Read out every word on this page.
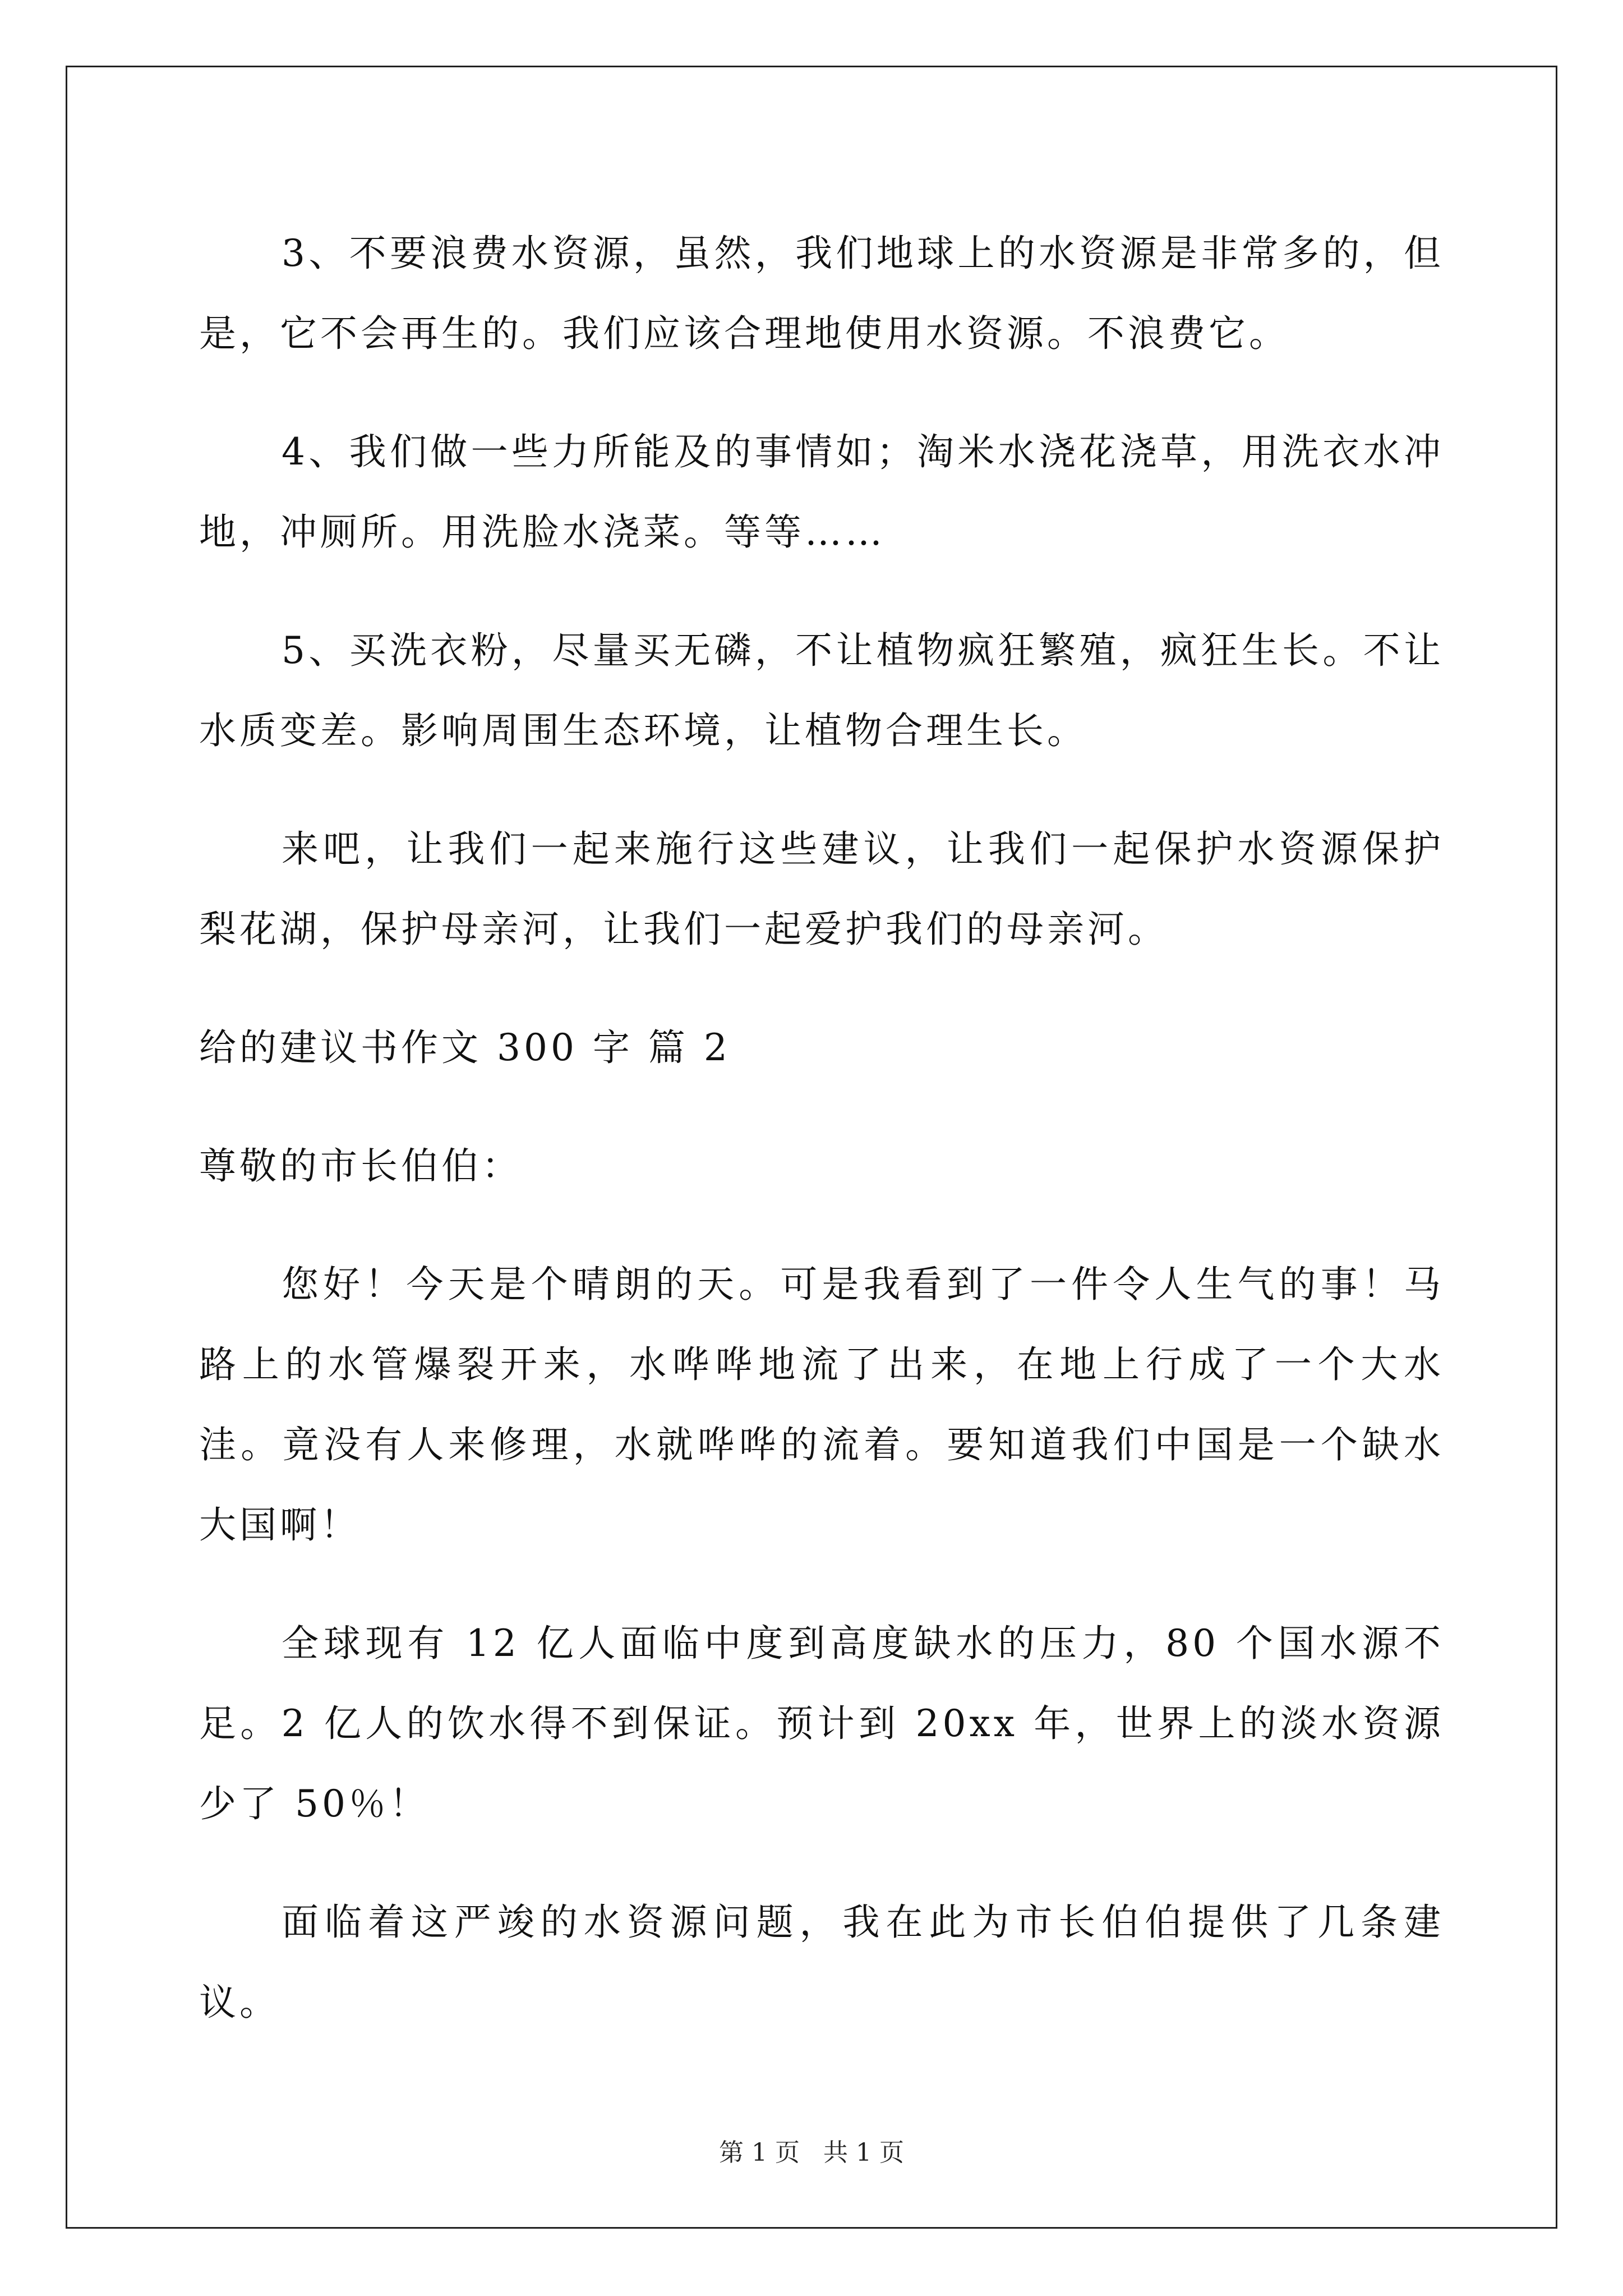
3、不要浪费水资源，虽然，我们地球上的水资源是非常多的，但是，它不会再生的。我们应该合理地使用水资源。不浪费它。

4、我们做一些力所能及的事情如；淘米水浇花浇草，用洗衣水冲地，冲厕所。用洗脸水浇菜。等等……

5、买洗衣粉，尽量买无磷，不让植物疯狂繁殖，疯狂生长。不让水质变差。影响周围生态环境，让植物合理生长。

来吧，让我们一起来施行这些建议，让我们一起保护水资源保护梨花湖，保护母亲河，让我们一起爱护我们的母亲河。

给的建议书作文 300 字 篇 2

尊敬的市长伯伯：

您好！今天是个晴朗的天。可是我看到了一件令人生气的事！马路上的水管爆裂开来，水哗哗地流了出来，在地上行成了一个大水洼。竟没有人来修理，水就哗哗的流着。要知道我们中国是一个缺水大国啊！

全球现有 12 亿人面临中度到高度缺水的压力，80 个国水源不足。2 亿人的饮水得不到保证。预计到 20xx 年，世界上的淡水资源少了 50％！

面临着这严竣的水资源问题，我在此为市长伯伯提供了几条建议。

第 1 页   共 1 页
